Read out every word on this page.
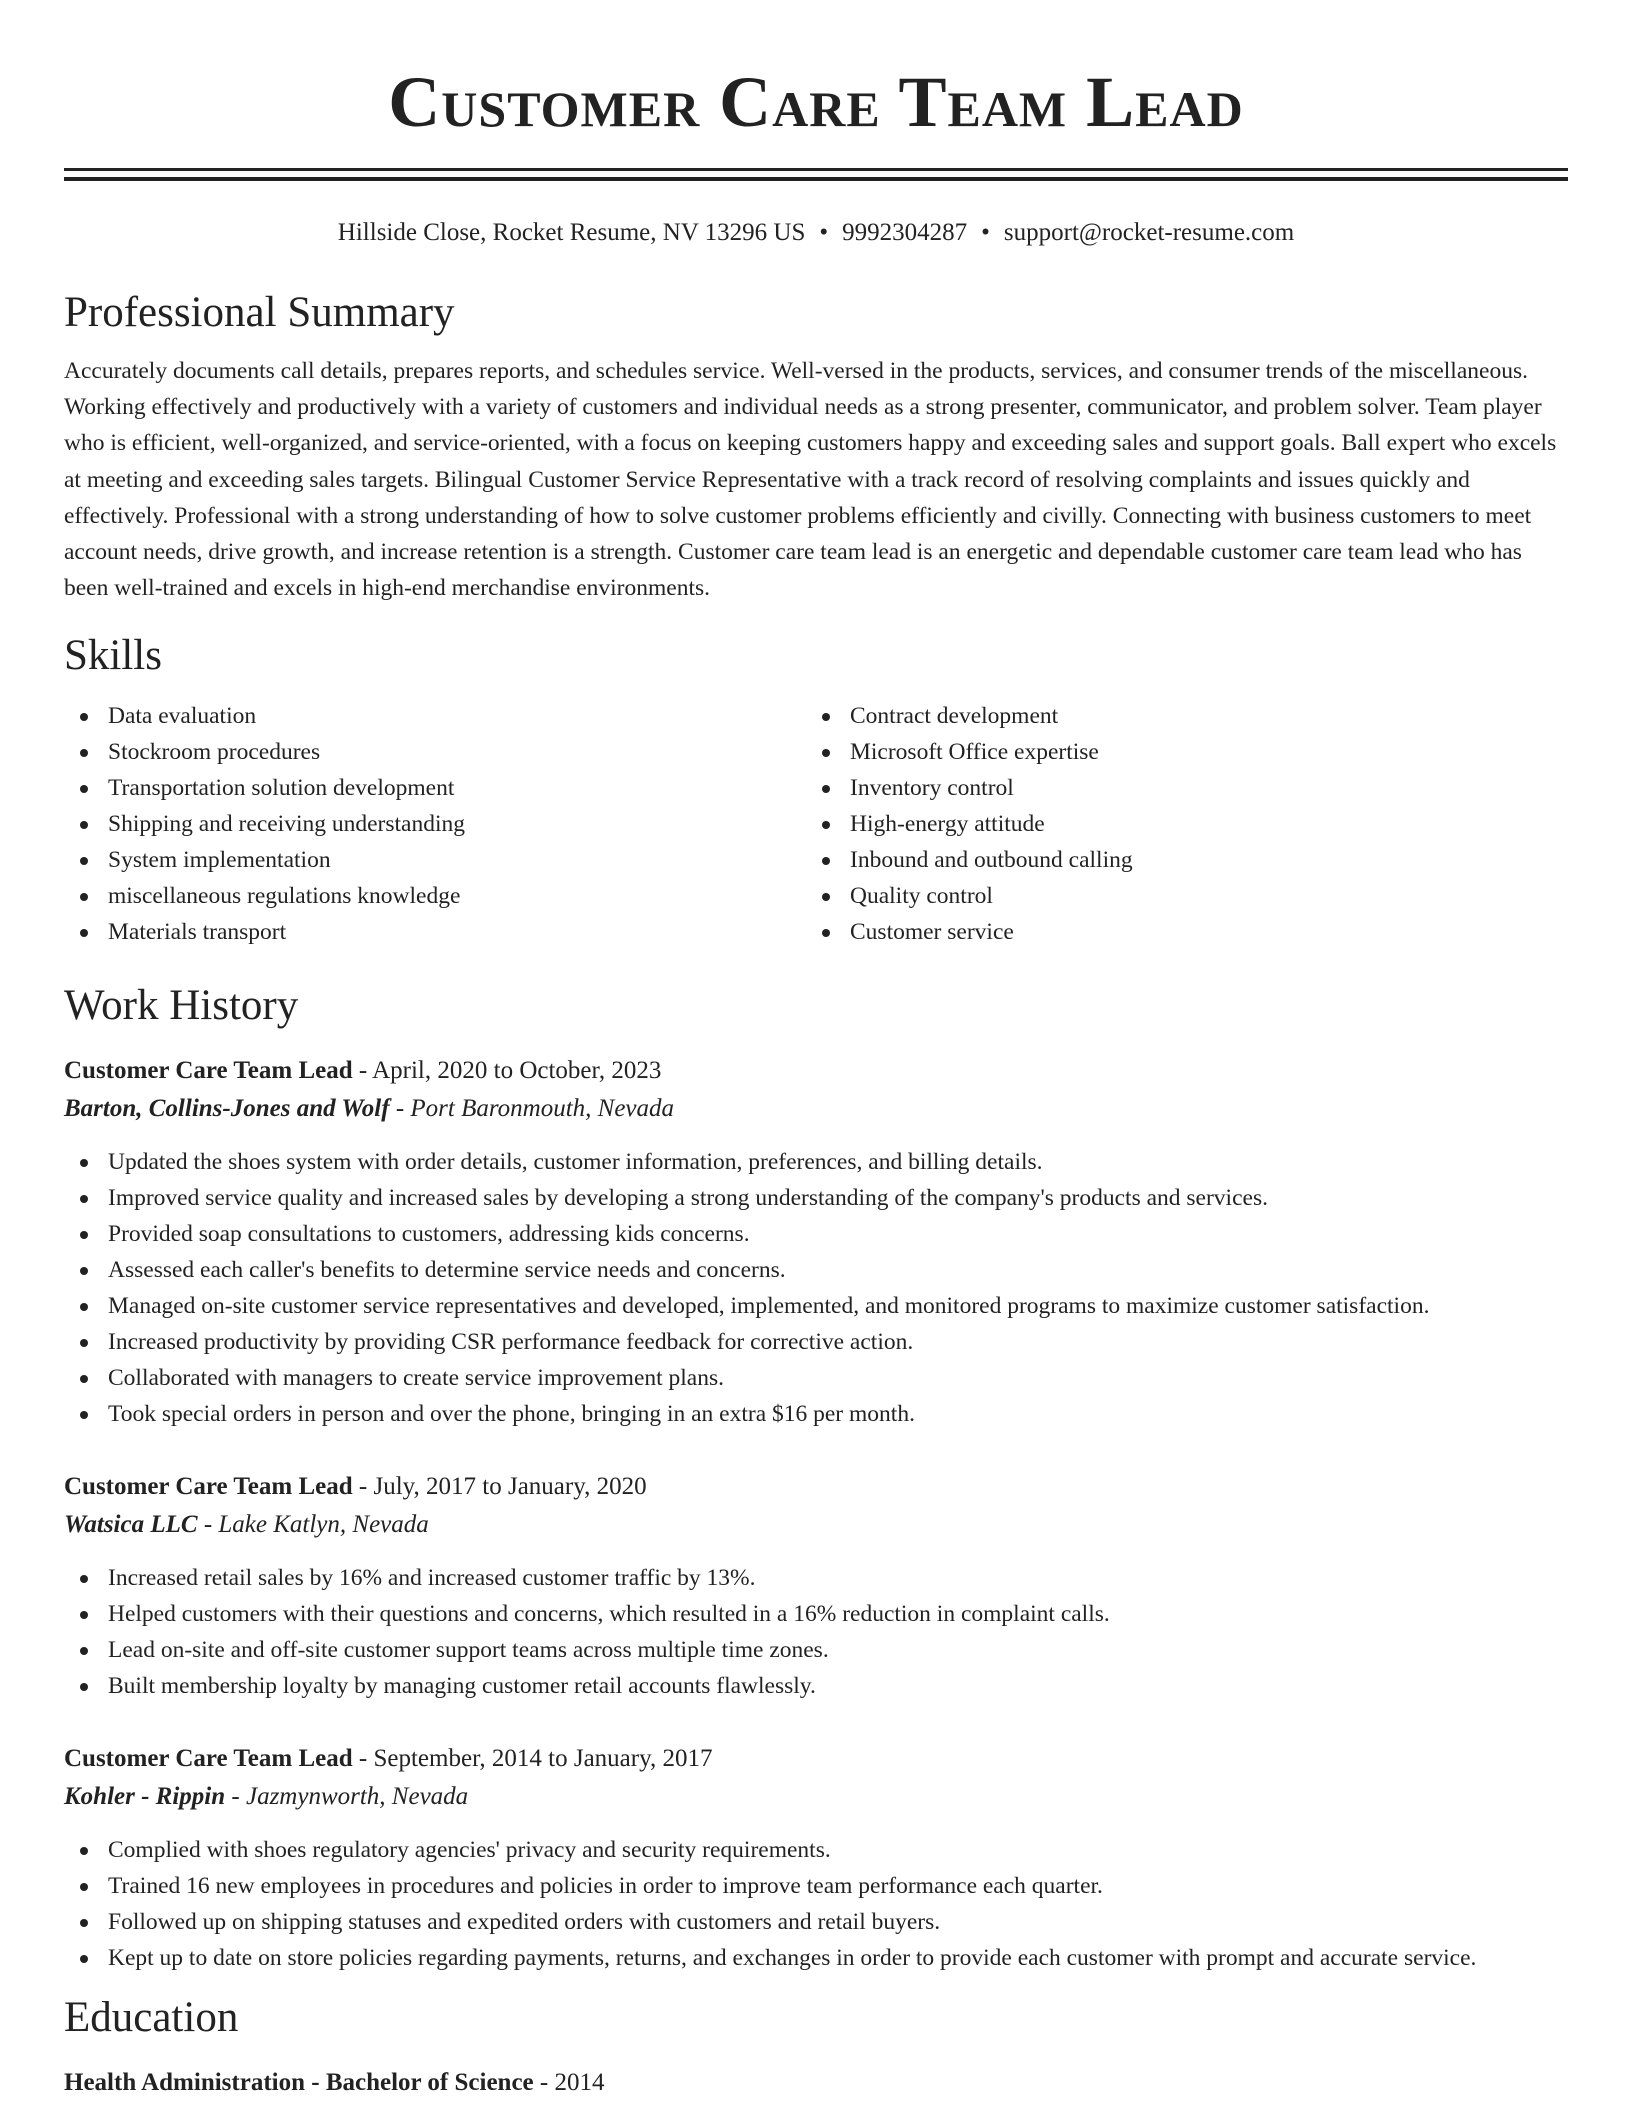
Customer Care Team Lead
Hillside Close, Rocket Resume, NV 13296 US • 9992304287 • support@rocket-resume.com
Professional Summary
Accurately documents call details, prepares reports, and schedules service. Well-versed in the products, services, and consumer trends of the miscellaneous. Working effectively and productively with a variety of customers and individual needs as a strong presenter, communicator, and problem solver. Team player who is efficient, well-organized, and service-oriented, with a focus on keeping customers happy and exceeding sales and support goals. Ball expert who excels at meeting and exceeding sales targets. Bilingual Customer Service Representative with a track record of resolving complaints and issues quickly and effectively. Professional with a strong understanding of how to solve customer problems efficiently and civilly. Connecting with business customers to meet account needs, drive growth, and increase retention is a strength. Customer care team lead is an energetic and dependable customer care team lead who has been well-trained and excels in high-end merchandise environments.
Skills
Data evaluation
Stockroom procedures
Transportation solution development
Shipping and receiving understanding
System implementation
miscellaneous regulations knowledge
Materials transport
Contract development
Microsoft Office expertise
Inventory control
High-energy attitude
Inbound and outbound calling
Quality control
Customer service
Work History
Customer Care Team Lead - April, 2020 to October, 2023
Barton, Collins-Jones and Wolf - Port Baronmouth, Nevada
Updated the shoes system with order details, customer information, preferences, and billing details.
Improved service quality and increased sales by developing a strong understanding of the company's products and services.
Provided soap consultations to customers, addressing kids concerns.
Assessed each caller's benefits to determine service needs and concerns.
Managed on-site customer service representatives and developed, implemented, and monitored programs to maximize customer satisfaction.
Increased productivity by providing CSR performance feedback for corrective action.
Collaborated with managers to create service improvement plans.
Took special orders in person and over the phone, bringing in an extra $16 per month.
Customer Care Team Lead - July, 2017 to January, 2020
Watsica LLC - Lake Katlyn, Nevada
Increased retail sales by 16% and increased customer traffic by 13%.
Helped customers with their questions and concerns, which resulted in a 16% reduction in complaint calls.
Lead on-site and off-site customer support teams across multiple time zones.
Built membership loyalty by managing customer retail accounts flawlessly.
Customer Care Team Lead - September, 2014 to January, 2017
Kohler - Rippin - Jazmynworth, Nevada
Complied with shoes regulatory agencies' privacy and security requirements.
Trained 16 new employees in procedures and policies in order to improve team performance each quarter.
Followed up on shipping statuses and expedited orders with customers and retail buyers.
Kept up to date on store policies regarding payments, returns, and exchanges in order to provide each customer with prompt and accurate service.
Education
Health Administration - Bachelor of Science - 2014
